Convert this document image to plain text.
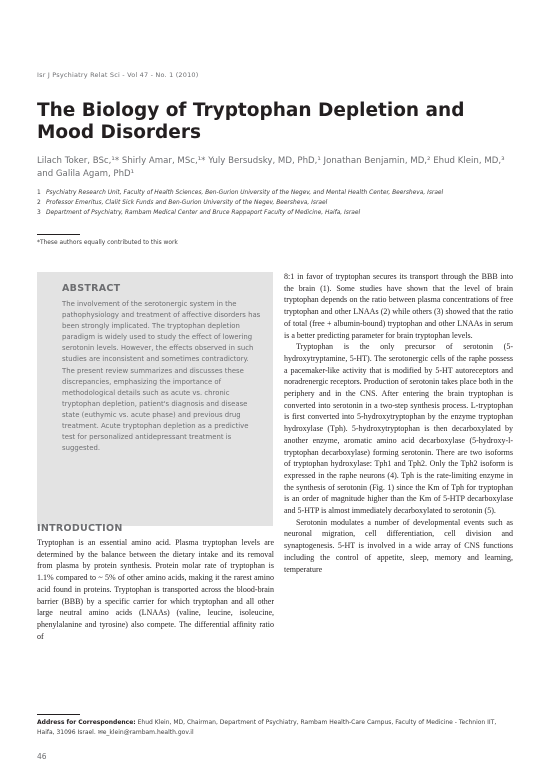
Isr J Psychiatry Relat Sci - Vol 47 - No. 1 (2010)
The Biology of Tryptophan Depletion and Mood Disorders
Lilach Toker, BSc,¹* Shirly Amar, MSc,¹* Yuly Bersudsky, MD, PhD,¹ Jonathan Benjamin, MD,² Ehud Klein, MD,³ and Galila Agam, PhD¹
1 Psychiatry Research Unit, Faculty of Health Sciences, Ben-Gurion University of the Negev, and Mental Health Center, Beersheva, Israel
2 Professor Emeritus, Clalit Sick Funds and Ben-Gurion University of the Negev, Beersheva, Israel
3 Department of Psychiatry, Rambam Medical Center and Bruce Rappaport Faculty of Medicine, Haifa, Israel
*These authors equally contributed to this work
ABSTRACT
The involvement of the serotonergic system in the pathophysiology and treatment of affective disorders has been strongly implicated. The tryptophan depletion paradigm is widely used to study the effect of lowering serotonin levels. However, the effects observed in such studies are inconsistent and sometimes contradictory. The present review summarizes and discusses these discrepancies, emphasizing the importance of methodological details such as acute vs. chronic tryptophan depletion, patient's diagnosis and disease state (euthymic vs. acute phase) and previous drug treatment. Acute tryptophan depletion as a predictive test for personalized antidepressant treatment is suggested.
INTRODUCTION
Tryptophan is an essential amino acid. Plasma tryptophan levels are determined by the balance between the dietary intake and its removal from plasma by protein synthesis. Protein molar rate of tryptophan is 1.1% compared to ~ 5% of other amino acids, making it the rarest amino acid found in proteins. Tryptophan is transported across the blood-brain barrier (BBB) by a specific carrier for which tryptophan and all other large neutral amino acids (LNAAs) (valine, leucine, isoleucine, phenylalanine and tyrosine) also compete. The differential affinity ratio of
8:1 in favor of tryptophan secures its transport through the BBB into the brain (1). Some studies have shown that the level of brain tryptophan depends on the ratio between plasma concentrations of free tryptophan and other LNAAs (2) while others (3) showed that the ratio of total (free + albumin-bound) tryptophan and other LNAAs in serum is a better predicting parameter for brain tryptophan levels.
Tryptophan is the only precursor of serotonin (5-hydroxytryptamine, 5-HT). The serotonergic cells of the raphe possess a pacemaker-like activity that is modified by 5-HT autoreceptors and noradrenergic receptors. Production of serotonin takes place both in the periphery and in the CNS. After entering the brain tryptophan is converted into serotonin in a two-step synthesis process. L-tryptophan is first converted into 5-hydroxytryptophan by the enzyme tryptophan hydroxylase (Tph). 5-hydroxytryptophan is then decarboxylated by another enzyme, aromatic amino acid decarboxylase (5-hydroxy-l-tryptophan decarboxylase) forming serotonin. There are two isoforms of tryptophan hydroxylase: Tph1 and Tph2. Only the Tph2 isoform is expressed in the raphe neurons (4). Tph is the rate-limiting enzyme in the synthesis of serotonin (Fig. 1) since the Km of Tph for tryptophan is an order of magnitude higher than the Km of 5-HTP decarboxylase and 5-HTP is almost immediately decarboxylated to serotonin (5).
Serotonin modulates a number of developmental events such as neuronal migration, cell differentiation, cell division and synaptogenesis. 5-HT is involved in a wide array of CNS functions including the control of appetite, sleep, memory and learning, temperature
Address for Correspondence: Ehud Klein, MD, Chairman, Department of Psychiatry, Rambam Health-Care Campus, Faculty of Medicine - Technion IIT, Haifa, 31096 Israel. ✉e_klein@rambam.health.gov.il
46
